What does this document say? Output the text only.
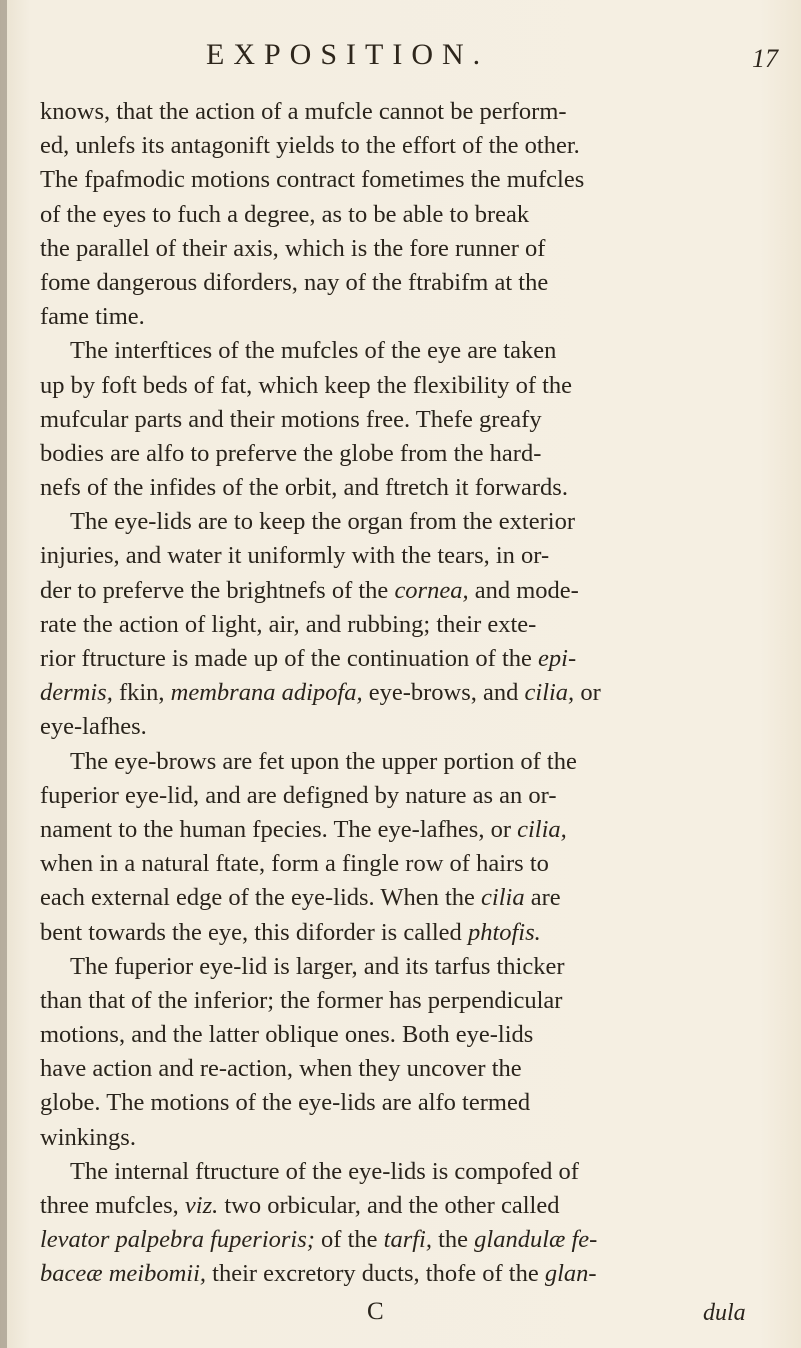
EXPOSITION.	17
knows, that the action of a mufcle cannot be perform-
ed, unlefs its antagonift yields to the effort of the other.
The fpafmodic motions contract fometimes the mufcles
of the eyes to fuch a degree, as to be able to break
the parallel of their axis, which is the fore runner of
fome dangerous diforders, nay of the ftrabifm at the
fame time.
The interftices of the mufcles of the eye are taken
up by foft beds of fat, which keep the flexibility of the
mufcular parts and their motions free. Thefe greafy
bodies are alfo to preferve the globe from the hard-
nefs of the infides of the orbit, and ftretch it forwards.
The eye-lids are to keep the organ from the exterior
injuries, and water it uniformly with the tears, in or-
der to preferve the brightnefs of the cornea, and mode-
rate the action of light, air, and rubbing; their exte-
rior ftructure is made up of the continuation of the epi-
dermis, fkin, membrana adipofa, eye-brows, and cilia, or
eye-lafhes.
The eye-brows are fet upon the upper portion of the
fuperior eye-lid, and are defigned by nature as an or-
nament to the human fpecies. The eye-lafhes, or cilia,
when in a natural ftate, form a fingle row of hairs to
each external edge of the eye-lids. When the cilia are
bent towards the eye, this diforder is called phtofis.
The fuperior eye-lid is larger, and its tarfus thicker
than that of the inferior; the former has perpendicular
motions, and the latter oblique ones. Both eye-lids
have action and re-action, when they uncover the
globe. The motions of the eye-lids are alfo termed
winkings.
The internal ftructure of the eye-lids is compofed of
three mufcles, viz. two orbicular, and the other called
levator palpebra fuperioris; of the tarfi, the glandulæ fe-
baceæ meibomii, their excretory ducts, thofe of the glan-
C	dula
